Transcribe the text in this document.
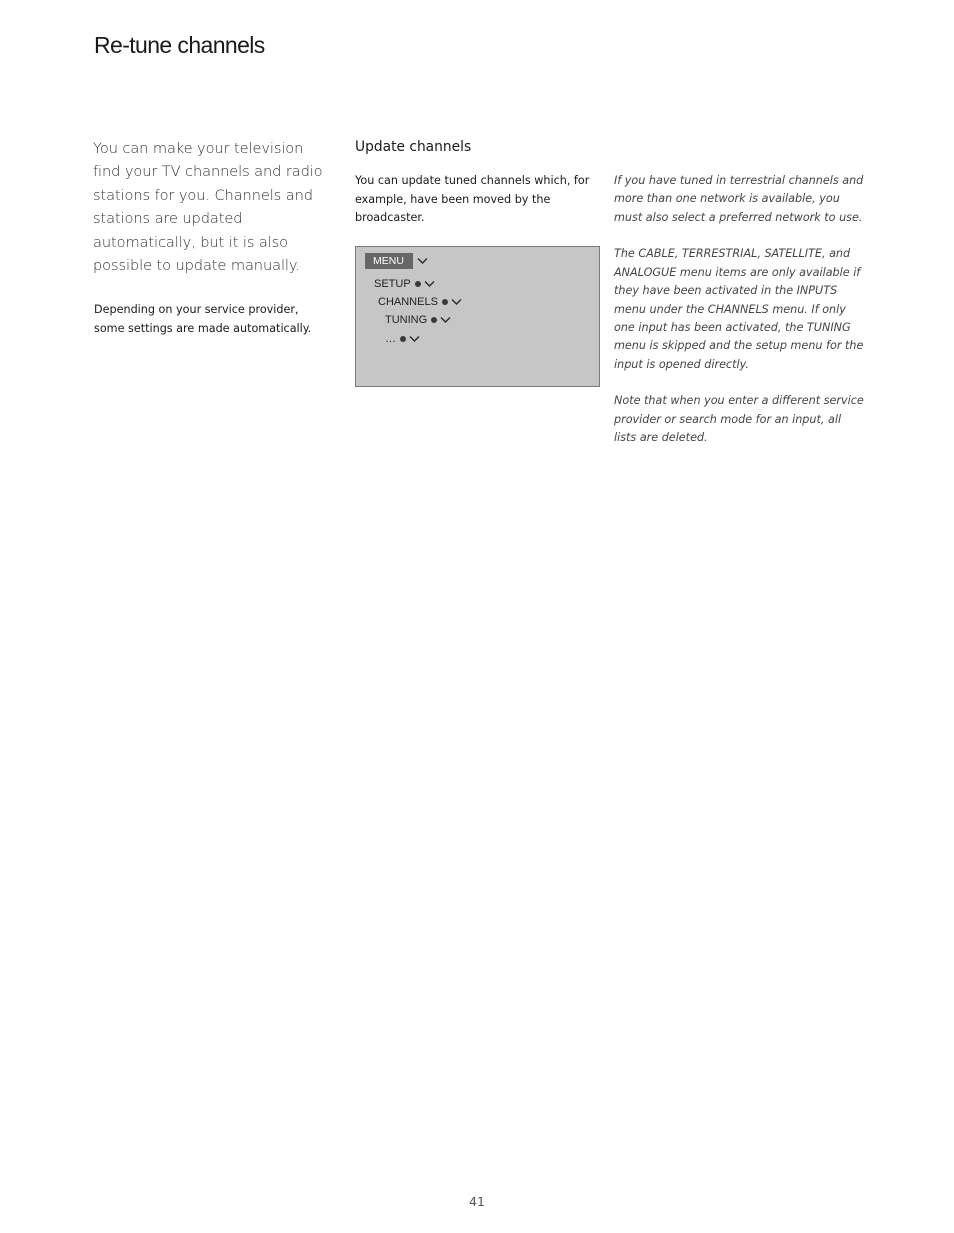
Re-tune channels

You can make your television find your TV channels and radio stations for you. Channels and stations are updated automatically, but it is also possible to update manually.

Depending on your service provider, some settings are made automatically.

Update channels

You can update tuned channels which, for example, have been moved by the broadcaster.

MENU
SETUP
CHANNELS
TUNING
…

If you have tuned in terrestrial channels and more than one network is available, you must also select a preferred network to use.

The CABLE, TERRESTRIAL, SATELLITE, and ANALOGUE menu items are only available if they have been activated in the INPUTS menu under the CHANNELS menu. If only one input has been activated, the TUNING menu is skipped and the setup menu for the input is opened directly.

Note that when you enter a different service provider or search mode for an input, all lists are deleted.

41
